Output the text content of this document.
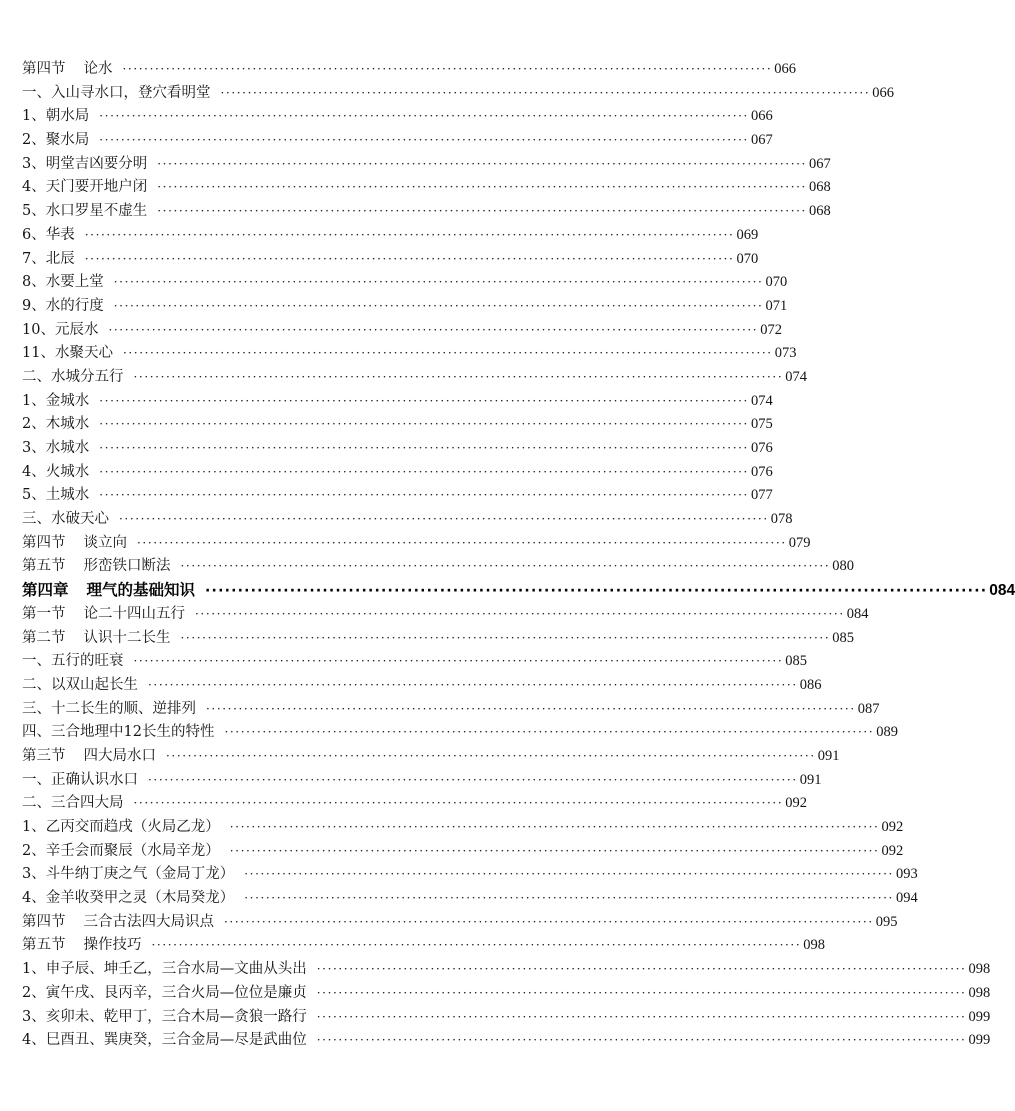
第四节 论水 ························································································································ 066
一、入山寻水口，登穴看明堂 ························································································································ 066
1、朝水局 ························································································································ 066
2、聚水局 ························································································································ 067
3、明堂吉凶要分明 ························································································································ 067
4、天门要开地户闭 ························································································································ 068
5、水口罗星不虚生 ························································································································ 068
6、华表 ························································································································ 069
7、北辰 ························································································································ 070
8、水要上堂 ························································································································ 070
9、水的行度 ························································································································ 071
10、元辰水 ························································································································ 072
11、水聚天心 ························································································································ 073
二、水城分五行 ························································································································ 074
1、金城水 ························································································································ 074
2、木城水 ························································································································ 075
3、水城水 ························································································································ 076
4、火城水 ························································································································ 076
5、土城水 ························································································································ 077
三、水破天心 ························································································································ 078
第四节 谈立向 ························································································································ 079
第五节 形峦铁口断法 ························································································································ 080
第四章 理气的基础知识 ························································································································ 084
第一节 论二十四山五行 ························································································································ 084
第二节 认识十二长生 ························································································································ 085
一、五行的旺衰 ························································································································ 085
二、以双山起长生 ························································································································ 086
三、十二长生的顺、逆排列 ························································································································ 087
四、三合地理中12长生的特性 ························································································································ 089
第三节 四大局水口 ························································································································ 091
一、正确认识水口 ························································································································ 091
二、三合四大局 ························································································································ 092
1、乙丙交而趋戌（火局乙龙） ························································································································ 092
2、辛壬会而聚辰（水局辛龙） ························································································································ 092
3、斗牛纳丁庚之气（金局丁龙） ························································································································ 093
4、金羊收癸甲之灵（木局癸龙） ························································································································ 094
第四节 三合古法四大局识点 ························································································································ 095
第五节 操作技巧 ························································································································ 098
1、申子辰、坤壬乙，三合水局—文曲从头出 ························································································································ 098
2、寅午戌、艮丙辛，三合火局—位位是廉贞 ························································································································ 098
3、亥卯未、乾甲丁，三合木局—贪狼一路行 ························································································································ 099
4、巳酉丑、巽庚癸，三合金局—尽是武曲位 ························································································································ 099
